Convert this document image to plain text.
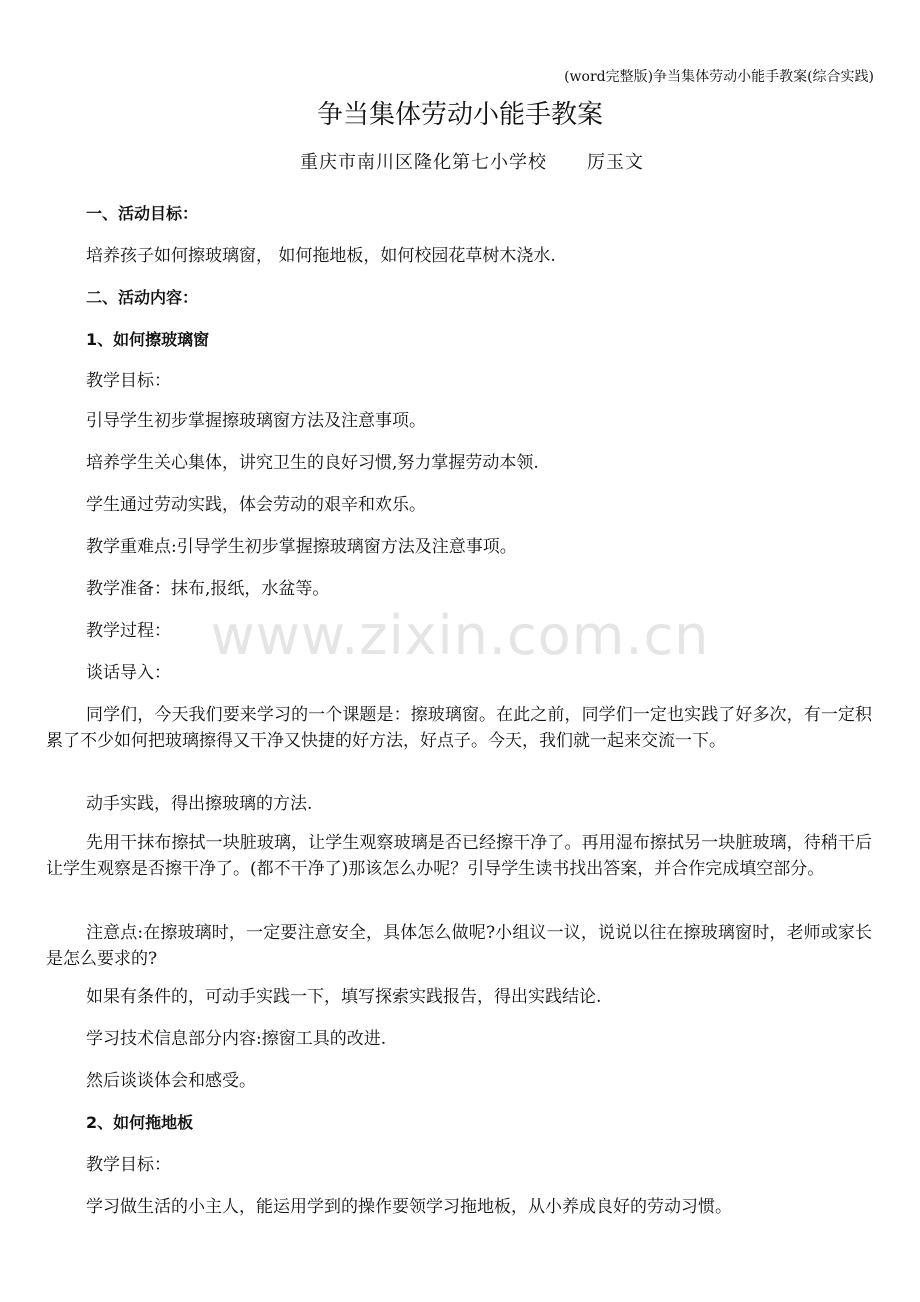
(word完整版)争当集体劳动小能手教案(综合实践)
争当集体劳动小能手教案
重庆市南川区隆化第七小学校 厉玉文
www.zixin.com.cn
一、活动目标：
培养孩子如何擦玻璃窗， 如何拖地板，如何校园花草树木浇水.
二、活动内容：
1、如何擦玻璃窗
教学目标：
引导学生初步掌握擦玻璃窗方法及注意事项。
培养学生关心集体，讲究卫生的良好习惯,努力掌握劳动本领.
学生通过劳动实践，体会劳动的艰辛和欢乐。
教学重难点:引导学生初步掌握擦玻璃窗方法及注意事项。
教学准备：抹布,报纸，水盆等。
教学过程：
谈话导入：
同学们，今天我们要来学习的一个课题是：擦玻璃窗。在此之前，同学们一定也实践了好多次，有一定积累了不少如何把玻璃擦得又干净又快捷的好方法，好点子。今天，我们就一起来交流一下。
动手实践，得出擦玻璃的方法.
先用干抹布擦拭一块脏玻璃，让学生观察玻璃是否已经擦干净了。再用湿布擦拭另一块脏玻璃，待稍干后让学生观察是否擦干净了。(都不干净了)那该怎么办呢？引导学生读书找出答案，并合作完成填空部分。
注意点:在擦玻璃时，一定要注意安全，具体怎么做呢?小组议一议，说说以往在擦玻璃窗时，老师或家长是怎么要求的?
如果有条件的，可动手实践一下，填写探索实践报告，得出实践结论.
学习技术信息部分内容:擦窗工具的改进.
然后谈谈体会和感受。
2、如何拖地板
教学目标：
学习做生活的小主人，能运用学到的操作要领学习拖地板，从小养成良好的劳动习惯。
